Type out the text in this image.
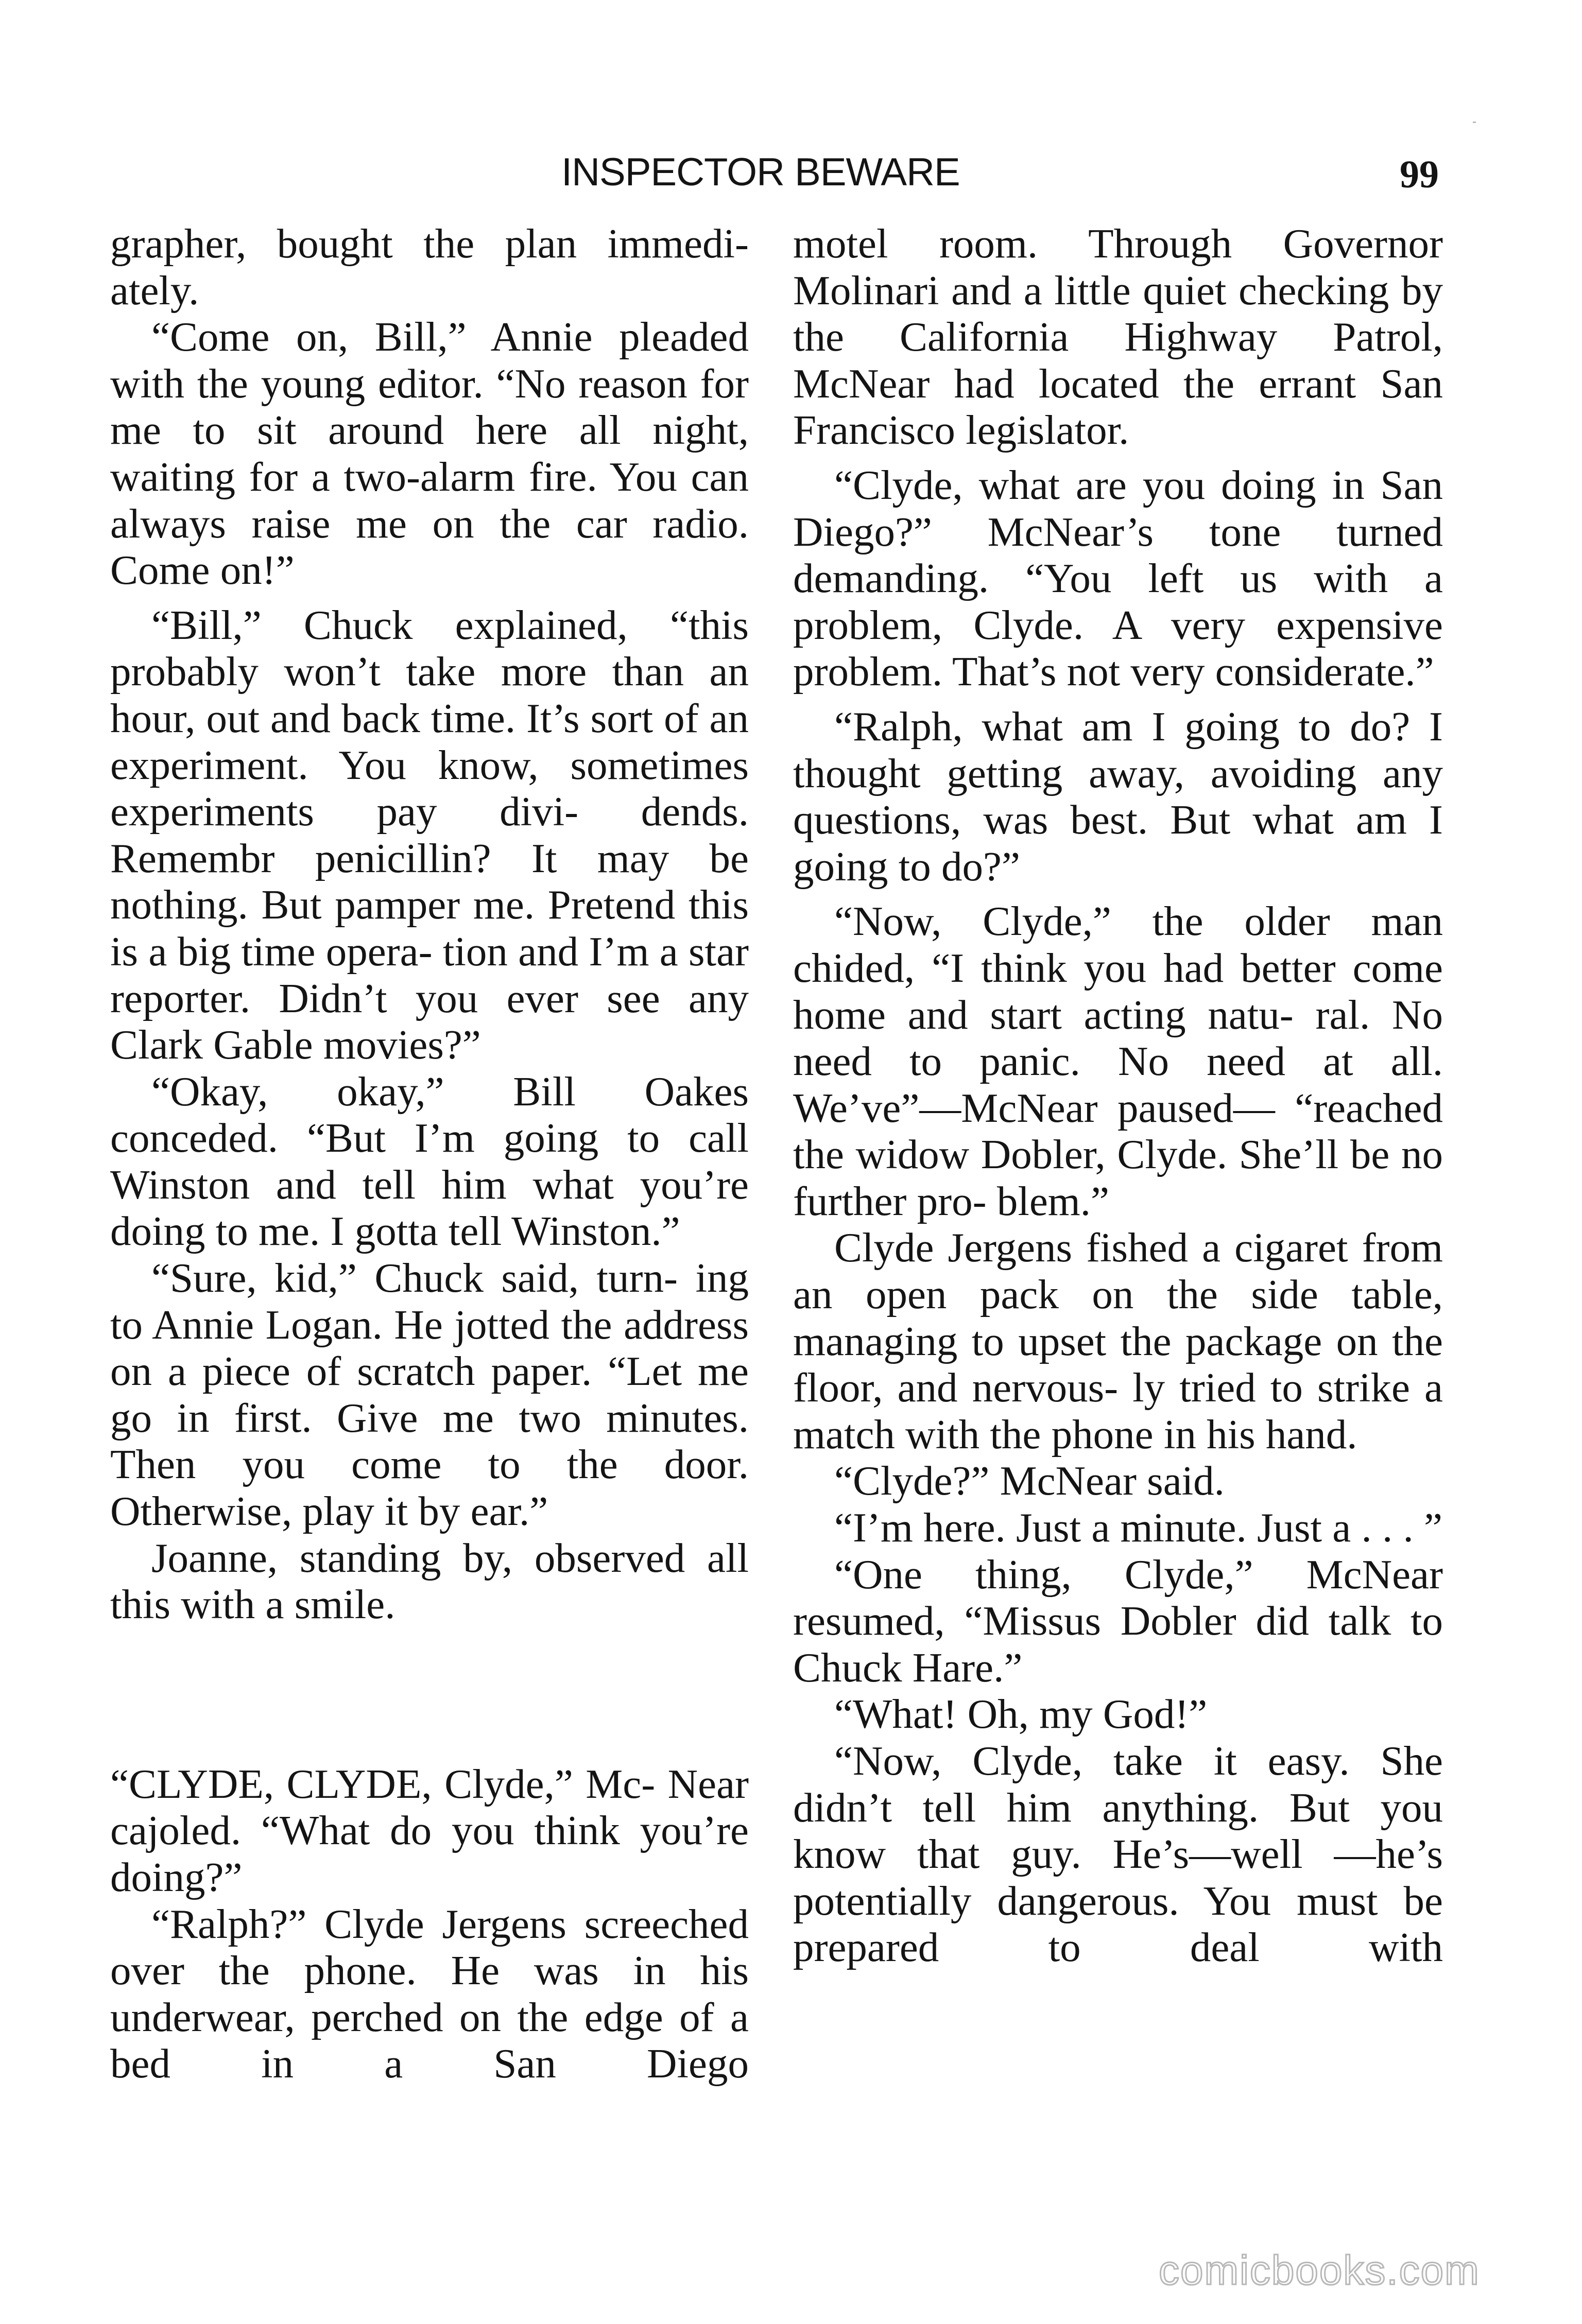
INSPECTOR BEWARE	99

grapher, bought the plan immedi- ately.

“Come on, Bill,” Annie pleaded with the young editor. “No reason for me to sit around here all night, waiting for a two-alarm fire. You can always raise me on the car radio. Come on!”

“Bill,” Chuck explained, “this probably won’t take more than an hour, out and back time. It’s sort of an experiment. You know, sometimes experiments pay divi- dends. Remembr penicillin? It may be nothing. But pamper me. Pretend this is a big time opera- tion and I’m a star reporter. Didn’t you ever see any Clark Gable movies?”

“Okay, okay,” Bill Oakes conceded. “But I’m going to call Winston and tell him what you’re doing to me. I gotta tell Winston.”

“Sure, kid,” Chuck said, turn- ing to Annie Logan. He jotted the address on a piece of scratch paper. “Let me go in first. Give me two minutes. Then you come to the door. Otherwise, play it by ear.”

Joanne, standing by, observed all this with a smile.

“CLYDE, CLYDE, Clyde,” Mc- Near cajoled. “What do you think you’re doing?”

“Ralph?” Clyde Jergens screeched over the phone. He was in his underwear, perched on the edge of a bed in a San Diego

motel room. Through Governor Molinari and a little quiet checking by the California Highway Patrol, McNear had located the errant San Francisco legislator.

“Clyde, what are you doing in San Diego?” McNear’s tone turned demanding. “You left us with a problem, Clyde. A very expensive problem. That’s not very considerate.”

“Ralph, what am I going to do? I thought getting away, avoiding any questions, was best. But what am I going to do?”

“Now, Clyde,” the older man chided, “I think you had better come home and start acting natu- ral. No need to panic. No need at all. We’ve”—McNear paused— “reached the widow Dobler, Clyde. She’ll be no further pro- blem.”

Clyde Jergens fished a cigaret from an open pack on the side table, managing to upset the package on the floor, and nervous- ly tried to strike a match with the phone in his hand.

“Clyde?” McNear said.

“I’m here. Just a minute. Just a . . . ”

“One thing, Clyde,” McNear resumed, “Missus Dobler did talk to Chuck Hare.”

“What! Oh, my God!”

“Now, Clyde, take it easy. She didn’t tell him anything. But you know that guy. He’s—well —he’s potentially dangerous. You must be prepared to deal with

comicbooks.com
